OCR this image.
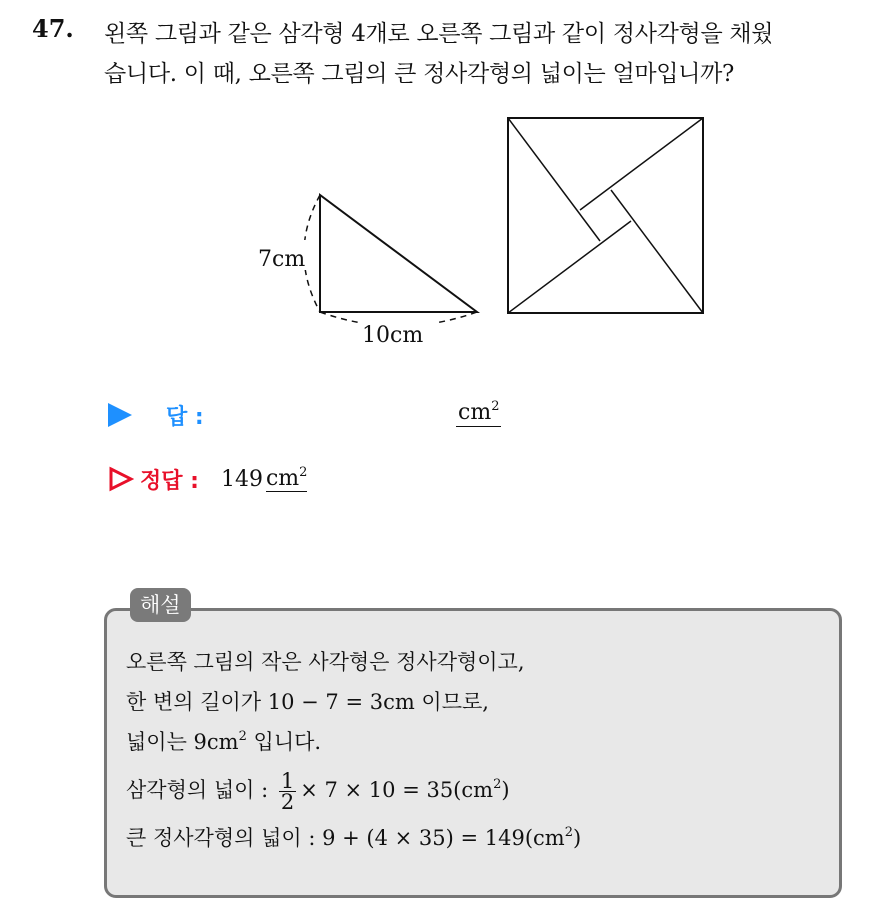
47. 왼쪽 그림과 같은 삼각형 4개로 오른쪽 그림과 같이 정사각형을 채웠
습니다. 이 때, 오른쪽 그림의 큰 정사각형의 넓이는 얼마입니까?
7cm
10cm
답 :	$cm^2$
정답 : 149 $cm^2$
해설
오른쪽 그림의 작은 사각형은 정사각형이고,
한 변의 길이가 10 − 7 = 3cm 이므로,
넓이는 $9cm^2$ 입니다.
삼각형의 넓이 : $\frac{1}{2} \times 7 \times 10 = 35(cm^2)$
큰 정사각형의 넓이 : $9 + (4 \times 35) = 149(cm^2)$
